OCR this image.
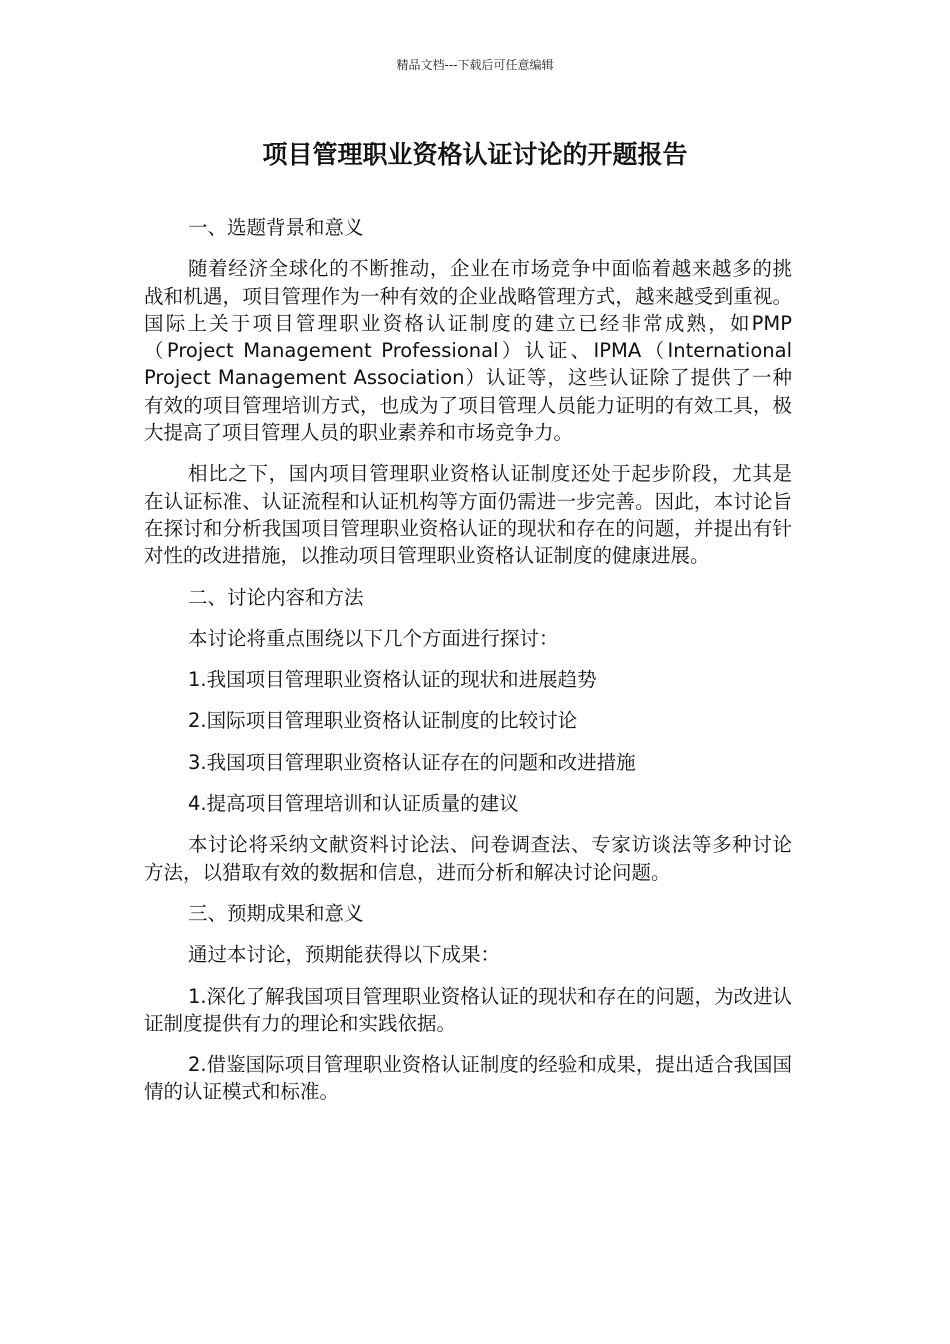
精品文档---下载后可任意编辑
项目管理职业资格认证讨论的开题报告

一、选题背景和意义

随着经济全球化的不断推动，企业在市场竞争中面临着越来越多的挑战和机遇，项目管理作为一种有效的企业战略管理方式，越来越受到重视。国际上关于项目管理职业资格认证制度的建立已经非常成熟，如PMP（Project Management Professional）认证、IPMA（International Project Management Association）认证等，这些认证除了提供了一种有效的项目管理培训方式，也成为了项目管理人员能力证明的有效工具，极大提高了项目管理人员的职业素养和市场竞争力。

相比之下，国内项目管理职业资格认证制度还处于起步阶段，尤其是在认证标准、认证流程和认证机构等方面仍需进一步完善。因此，本讨论旨在探讨和分析我国项目管理职业资格认证的现状和存在的问题，并提出有针对性的改进措施，以推动项目管理职业资格认证制度的健康进展。

二、讨论内容和方法

本讨论将重点围绕以下几个方面进行探讨：

1.我国项目管理职业资格认证的现状和进展趋势

2.国际项目管理职业资格认证制度的比较讨论

3.我国项目管理职业资格认证存在的问题和改进措施

4.提高项目管理培训和认证质量的建议

本讨论将采纳文献资料讨论法、问卷调查法、专家访谈法等多种讨论方法，以猎取有效的数据和信息，进而分析和解决讨论问题。

三、预期成果和意义

通过本讨论，预期能获得以下成果：

1.深化了解我国项目管理职业资格认证的现状和存在的问题，为改进认证制度提供有力的理论和实践依据。

2.借鉴国际项目管理职业资格认证制度的经验和成果，提出适合我国国情的认证模式和标准。
